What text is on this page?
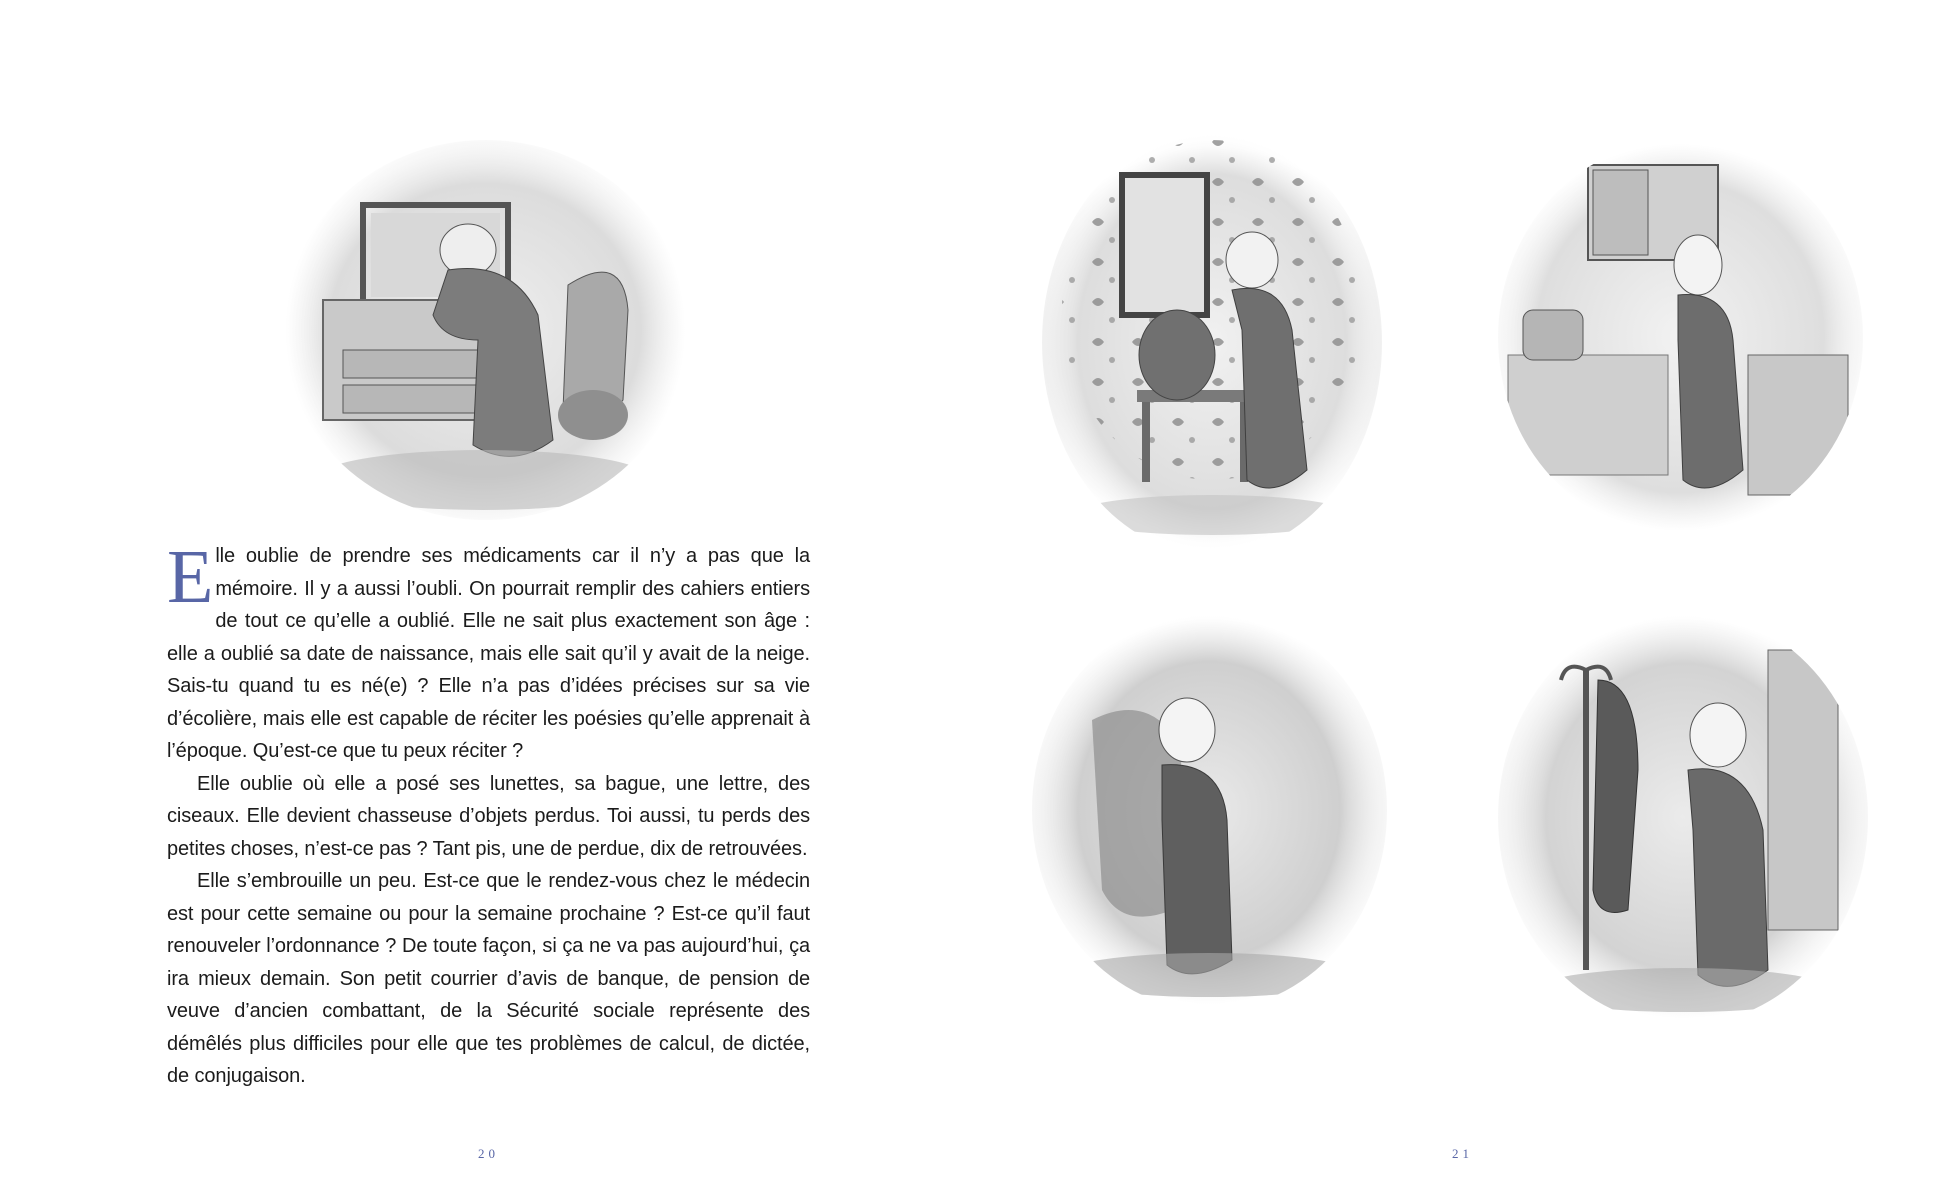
Elle oublie de prendre ses médicaments car il n’y a pas que la mémoire. Il y a aussi l’oubli. On pourrait remplir des cahiers entiers de tout ce qu’elle a oublié. Elle ne sait plus exactement son âge : elle a oublié sa date de naissance, mais elle sait qu’il y avait de la neige. Sais-tu quand tu es né(e) ? Elle n’a pas d’idées précises sur sa vie d’écolière, mais elle est capable de réciter les poésies qu’elle apprenait à l’époque. Qu’est-ce que tu peux réciter ?

Elle oublie où elle a posé ses lunettes, sa bague, une lettre, des ciseaux. Elle devient chasseuse d’objets perdus. Toi aussi, tu perds des petites choses, n’est-ce pas ? Tant pis, une de perdue, dix de retrouvées.

Elle s’embrouille un peu. Est-ce que le rendez-vous chez le médecin est pour cette semaine ou pour la semaine prochaine ? Est-ce qu’il faut renouveler l’ordonnance ? De toute façon, si ça ne va pas aujourd’hui, ça ira mieux demain. Son petit courrier d’avis de banque, de pension de veuve d’ancien combattant, de la Sécurité sociale représente des démêlés plus difficiles pour elle que tes problèmes de calcul, de dictée, de conjugaison.

20	21
